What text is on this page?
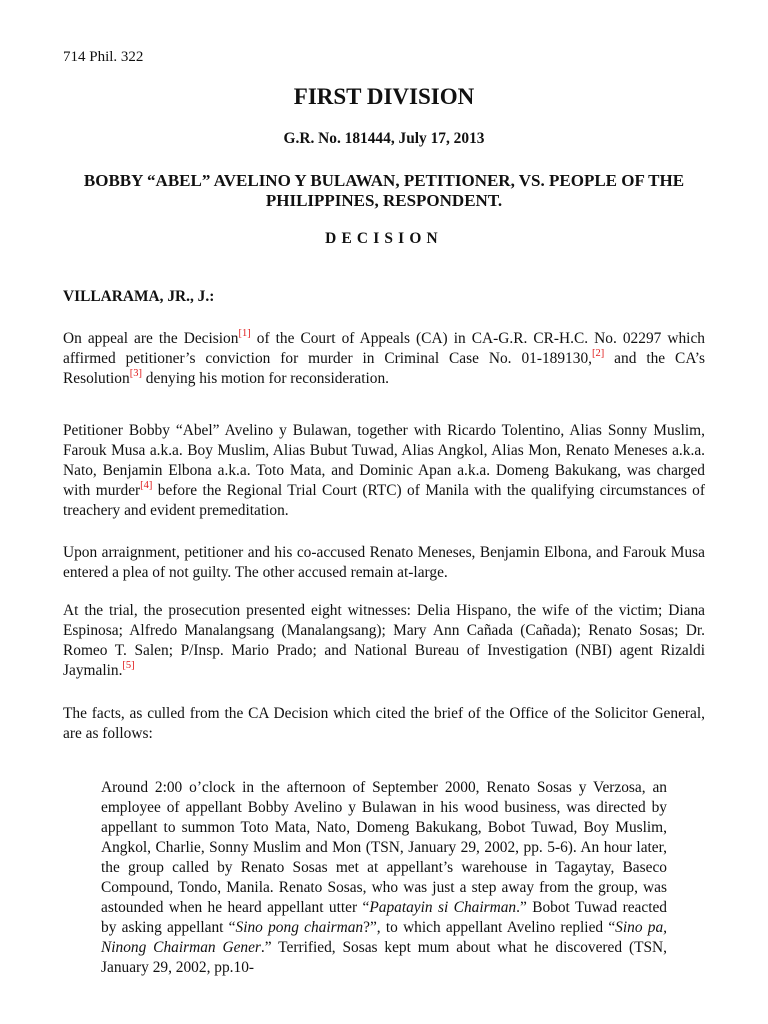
714 Phil. 322
FIRST DIVISION
G.R. No. 181444, July 17, 2013
BOBBY “ABEL” AVELINO Y BULAWAN, PETITIONER, VS. PEOPLE OF THE PHILIPPINES, RESPONDENT.
DECISION
VILLARAMA, JR., J.:

On appeal are the Decision[1] of the Court of Appeals (CA) in CA-G.R. CR-H.C. No. 02297 which affirmed petitioner’s conviction for murder in Criminal Case No. 01-189130,[2] and the CA’s Resolution[3] denying his motion for reconsideration.

Petitioner Bobby “Abel” Avelino y Bulawan, together with Ricardo Tolentino, Alias Sonny Muslim, Farouk Musa a.k.a. Boy Muslim, Alias Bubut Tuwad, Alias Angkol, Alias Mon, Renato Meneses a.k.a. Nato, Benjamin Elbona a.k.a. Toto Mata, and Dominic Apan a.k.a. Domeng Bakukang, was charged with murder[4] before the Regional Trial Court (RTC) of Manila with the qualifying circumstances of treachery and evident premeditation.

Upon arraignment, petitioner and his co-accused Renato Meneses, Benjamin Elbona, and Farouk Musa entered a plea of not guilty. The other accused remain at-large.

At the trial, the prosecution presented eight witnesses: Delia Hispano, the wife of the victim; Diana Espinosa; Alfredo Manalangsang (Manalangsang); Mary Ann Cañada (Cañada); Renato Sosas; Dr. Romeo T. Salen; P/Insp. Mario Prado; and National Bureau of Investigation (NBI) agent Rizaldi Jaymalin.[5]

The facts, as culled from the CA Decision which cited the brief of the Office of the Solicitor General, are as follows:

Around 2:00 o’clock in the afternoon of September 2000, Renato Sosas y Verzosa, an employee of appellant Bobby Avelino y Bulawan in his wood business, was directed by appellant to summon Toto Mata, Nato, Domeng Bakukang, Bobot Tuwad, Boy Muslim, Angkol, Charlie, Sonny Muslim and Mon (TSN, January 29, 2002, pp. 5-6). An hour later, the group called by Renato Sosas met at appellant’s warehouse in Tagaytay, Baseco Compound, Tondo, Manila. Renato Sosas, who was just a step away from the group, was astounded when he heard appellant utter “Papatayin si Chairman.” Bobot Tuwad reacted by asking appellant “Sino pong chairman?”, to which appellant Avelino replied “Sino pa, Ninong Chairman Gener.” Terrified, Sosas kept mum about what he discovered (TSN, January 29, 2002, pp.10-
